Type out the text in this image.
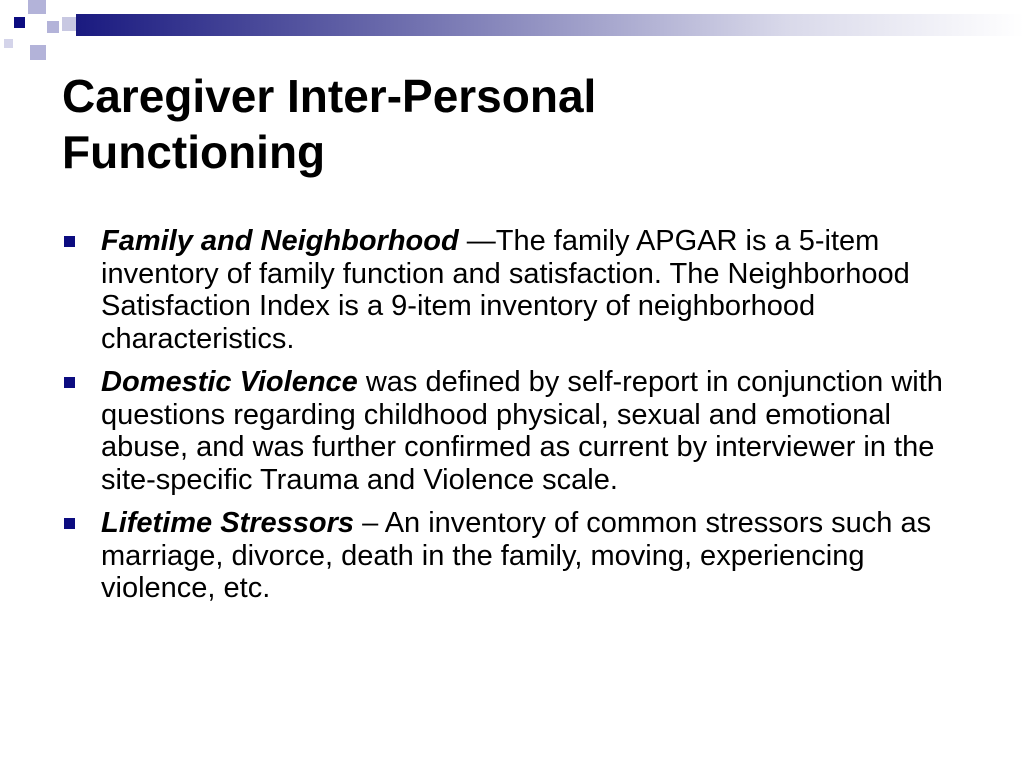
Caregiver Inter-Personal
Functioning
Family and Neighborhood —The family APGAR is a 5-item inventory of family function and satisfaction. The Neighborhood Satisfaction Index is a 9-item inventory of neighborhood characteristics.
Domestic Violence was defined by self-report in conjunction with questions regarding childhood physical, sexual and emotional abuse, and was further confirmed as current by interviewer in the site-specific Trauma and Violence scale.
Lifetime Stressors – An inventory of common stressors such as marriage, divorce, death in the family, moving, experiencing violence, etc.
